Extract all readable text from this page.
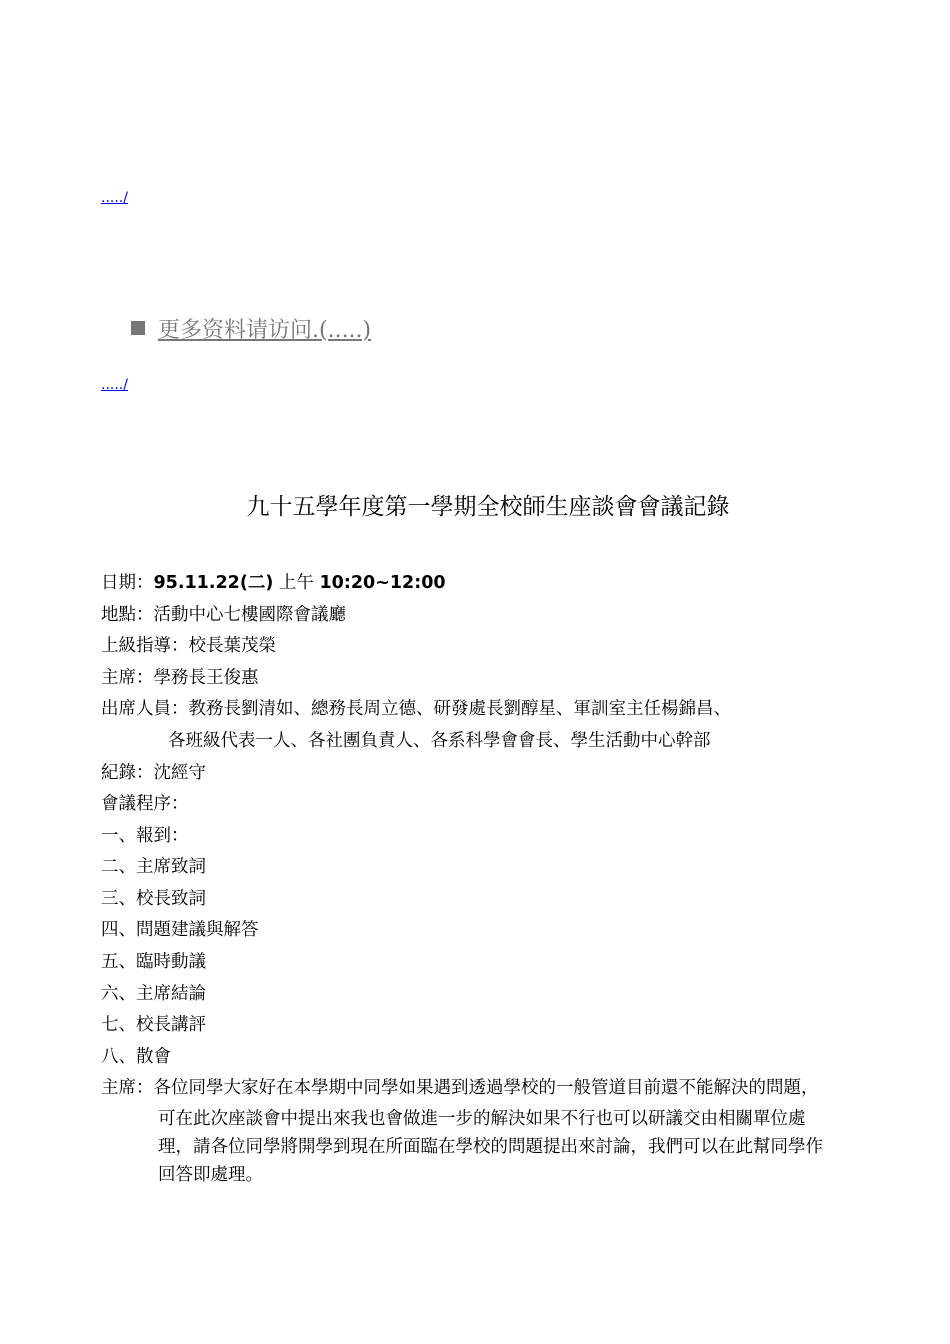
.....​/
更多资料请访问.(.....)
.....​/
九十五學年度第一學期全校師生座談會會議記錄
日期：95.11.22(二) 上午 10:20~12:00
地點：活動中心七樓國際會議廳
上級指導：校長葉茂榮
主席：學務長王俊惠
出席人員：教務長劉清如、總務長周立德、研發處長劉醇星、軍訓室主任楊錦昌、
各班級代表一人、各社團負責人、各系科學會會長、學生活動中心幹部
紀錄：沈經守
會議程序：
一、報到：
二、主席致詞
三、校長致詞
四、問題建議與解答
五、臨時動議
六、主席結論
七、校長講評
八、散會
主席：各位同學大家好在本學期中同學如果遇到透過學校的一般管道目前還不能解決的問題，
可在此次座談會中提出來我也會做進一步的解決如果不行也可以研議交由相關單位處
理，請各位同學將開學到現在所面臨在學校的問題提出來討論，我們可以在此幫同學作
回答即處理。
